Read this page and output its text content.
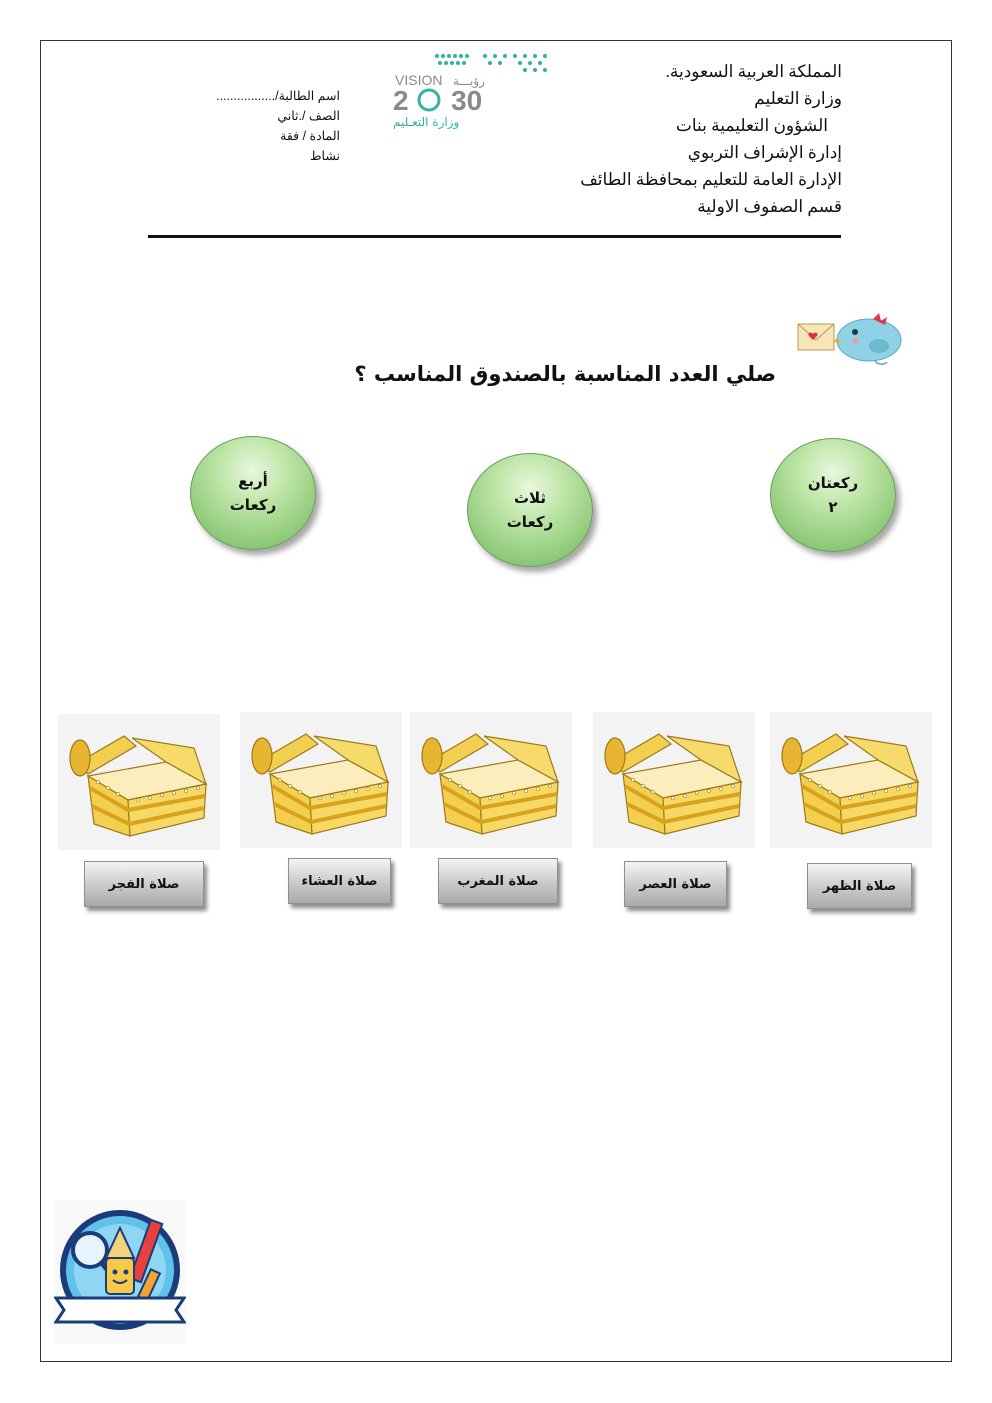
المملكة العربية السعودية.
وزارة التعليم
الشؤون التعليمية بنات
إدارة الإشراف التربوي
الإدارة العامة للتعليم بمحافظة الطائف
قسم الصفوف الاولية
VISION رؤيـــة
2 30
وزارة التعـليم
اسم الطالبة/.................
الصف /.ثاني
المادة / فقة
نشاط
صلي العدد المناسبة بالصندوق المناسب ؟
ركعتان
٢
ثلاث
ركعات
أربع
ركعات
صلاة الظهر
صلاة العصر
صلاة المغرب
صلاة العشاء
صلاة الفجر
